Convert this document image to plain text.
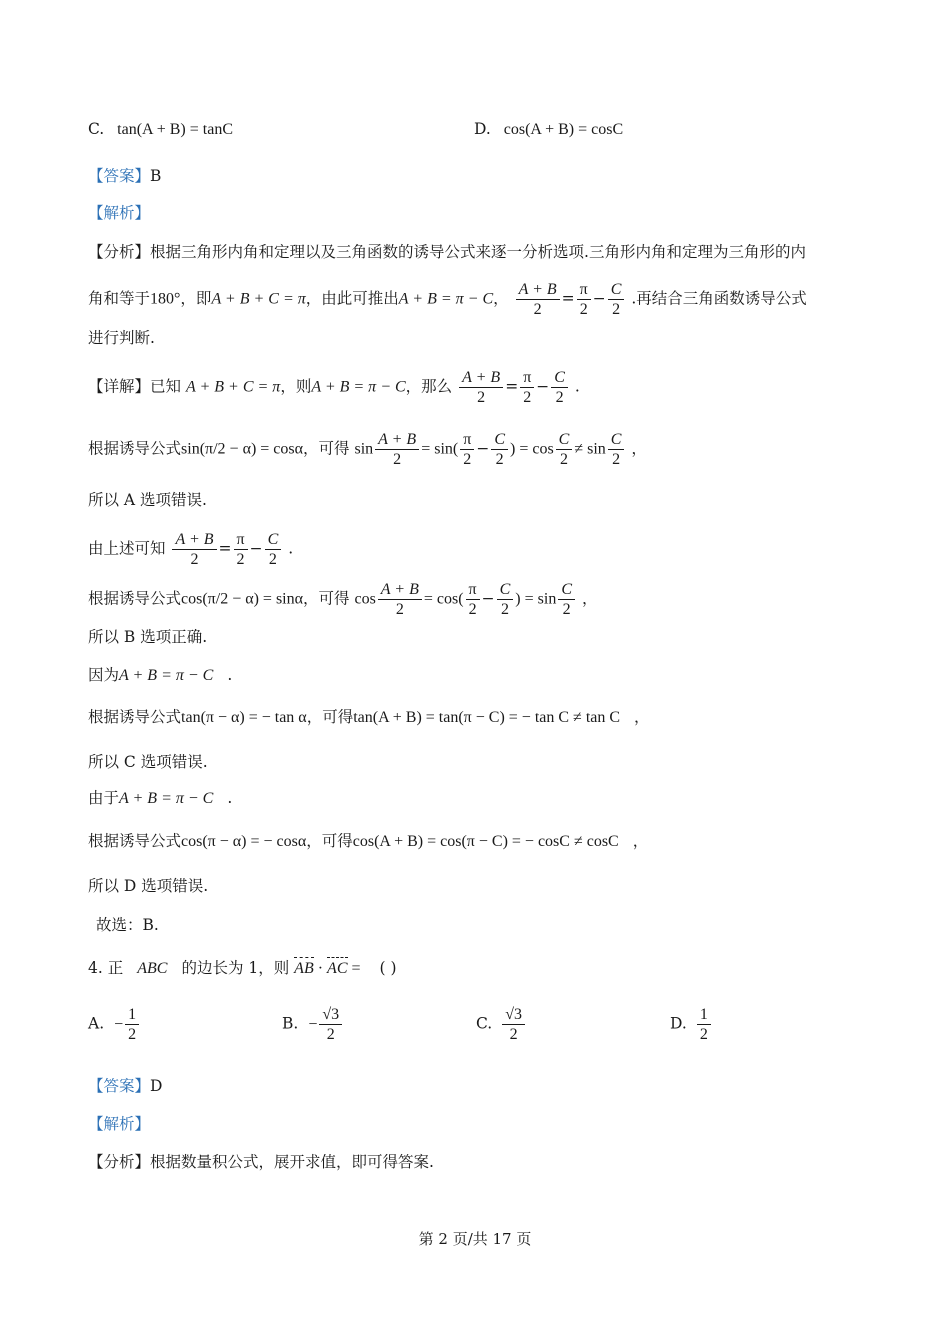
C. tan(A + B) = tanC	D. cos(A + B) = cosC
【答案】B
【解析】
【分析】根据三角形内角和定理以及三角函数的诱导公式来逐一分析选项.三角形内角和定理为三角形的内
角和等于180°，即A + B + C = π，由此可推出A + B = π − C， $\frac{A + B}{2} = \frac{\pi}{2} - \frac{C}{2}$ .再结合三角函数诱导公式
进行判断.
【详解】已知 A + B + C = π，则A + B = π − C，那么 $\frac{A + B}{2} = \frac{\pi}{2} - \frac{C}{2}$ .
根据诱导公式sin(π/2 − α) = cosα，可得 $\sin \frac{A + B}{2} = \sin( \frac{\pi}{2} - \frac{C}{2}$ ) = $\cos \frac{C}{2} \ne \sin \frac{C}{2}$ ，
所以 A 选项错误.
由上述可知 $\frac{A + B}{2} = \frac{\pi}{2} - \frac{C}{2}$ .
根据诱导公式cos(π/2 − α) = sinα，可得 $\cos \frac{A + B}{2} = \cos( \frac{\pi}{2} - \frac{C}{2}$ ) = $\sin \frac{C}{2}$ ，
所以 B 选项正确.
因为A + B = π − C .
根据诱导公式tan(π − α) = − tan α，可得tan(A + B) = tan(π − C) = − tan C ≠ tan C ，
所以 C 选项错误.
由于A + B = π − C .
根据诱导公式cos(π − α) = − cosα，可得cos(A + B) = cos(π − C) = − cosC ≠ cosC ，
所以 D 选项错误.
故选：B.
4. 正 ABC 的边长为 1，则 AB · AC = ( )
A. − $\frac{1}{2}$	B. − $\frac{√3}{2}$	C. $\frac{√3}{2}$	D. $\frac{1}{2}$
【答案】D
【解析】
【分析】根据数量积公式，展开求值，即可得答案.
第 2 页/共 17 页
